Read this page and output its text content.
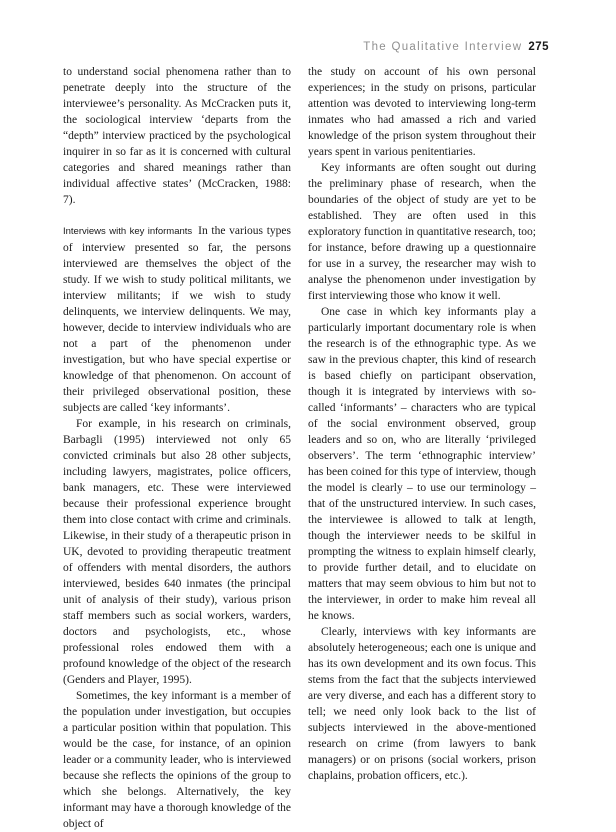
The Qualitative Interview 275

to understand social phenomena rather than to penetrate deeply into the structure of the interviewee’s personality. As McCracken puts it, the sociological interview ‘departs from the “depth” interview practiced by the psychological inquirer in so far as it is concerned with cultural categories and shared meanings rather than individual affective states’ (McCracken, 1988: 7).

Interviews with key informants In the various types of interview presented so far, the persons interviewed are themselves the object of the study. If we wish to study political militants, we interview militants; if we wish to study delinquents, we interview delinquents. We may, however, decide to interview individuals who are not a part of the phenomenon under investigation, but who have special expertise or knowledge of that phenomenon. On account of their privileged observational position, these subjects are called ‘key informants’.

For example, in his research on criminals, Barbagli (1995) interviewed not only 65 convicted criminals but also 28 other subjects, including lawyers, magistrates, police officers, bank managers, etc. These were interviewed because their professional experience brought them into close contact with crime and criminals. Likewise, in their study of a therapeutic prison in UK, devoted to providing therapeutic treatment of offenders with mental disorders, the authors interviewed, besides 640 inmates (the principal unit of analysis of their study), various prison staff members such as social workers, warders, doctors and psychologists, etc., whose professional roles endowed them with a profound knowledge of the object of the research (Genders and Player, 1995).

Sometimes, the key informant is a member of the population under investigation, but occupies a particular position within that population. This would be the case, for instance, of an opinion leader or a community leader, who is interviewed because she reflects the opinions of the group to which she belongs. Alternatively, the key informant may have a thorough knowledge of the object of

the study on account of his own personal experiences; in the study on prisons, particular attention was devoted to interviewing long-term inmates who had amassed a rich and varied knowledge of the prison system throughout their years spent in various penitentiaries.

Key informants are often sought out during the preliminary phase of research, when the boundaries of the object of study are yet to be established. They are often used in this exploratory function in quantitative research, too; for instance, before drawing up a questionnaire for use in a survey, the researcher may wish to analyse the phenomenon under investigation by first interviewing those who know it well.

One case in which key informants play a particularly important documentary role is when the research is of the ethnographic type. As we saw in the previous chapter, this kind of research is based chiefly on participant observation, though it is integrated by interviews with so-called ‘informants’ – characters who are typical of the social environment observed, group leaders and so on, who are literally ‘privileged observers’. The term ‘ethnographic interview’ has been coined for this type of interview, though the model is clearly – to use our terminology – that of the unstructured interview. In such cases, the interviewee is allowed to talk at length, though the interviewer needs to be skilful in prompting the witness to explain himself clearly, to provide further detail, and to elucidate on matters that may seem obvious to him but not to the interviewer, in order to make him reveal all he knows.

Clearly, interviews with key informants are absolutely heterogeneous; each one is unique and has its own development and its own focus. This stems from the fact that the subjects interviewed are very diverse, and each has a different story to tell; we need only look back to the list of subjects interviewed in the above-mentioned research on crime (from lawyers to bank managers) or on prisons (social workers, prison chaplains, probation officers, etc.).
